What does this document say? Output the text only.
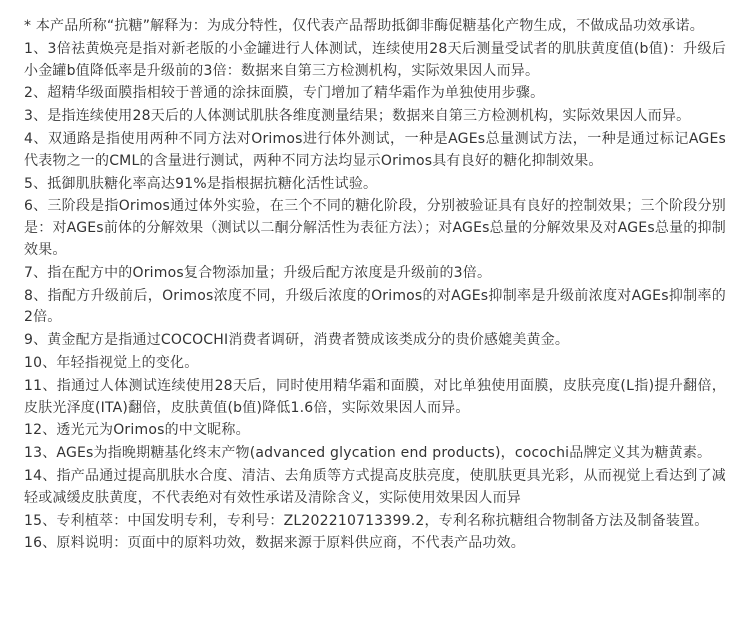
* 本产品所称“抗糖”解释为：为成分特性，仅代表产品帮助抵御非酶促糖基化产物生成，不做成品功效承诺。

1、3倍祛黄焕亮是指对新老版的小金罐进行人体测试，连续使用28天后测量受试者的肌肤黄度值(b值)：升级后小金罐b值降低率是升级前的3倍：数据来自第三方检测机构，实际效果因人而异。

2、超精华级面膜指相较于普通的涂抹面膜，专门增加了精华霜作为单独使用步骤。

3、是指连续使用28天后的人体测试肌肤各维度测量结果；数据来自第三方检测机构，实际效果因人而异。

4、双通路是指使用两种不同方法对Orimos进行体外测试，一种是AGEs总量测试方法，一种是通过标记AGEs代表物之一的CML的含量进行测试，两种不同方法均显示Orimos具有良好的糖化抑制效果。

5、抵御肌肤糖化率高达91%是指根据抗糖化活性试验。

6、三阶段是指Orimos通过体外实验，在三个不同的糖化阶段，分别被验证具有良好的控制效果；三个阶段分别是：对AGEs前体的分解效果（测试以二酮分解活性为表征方法）；对AGEs总量的分解效果及对AGEs总量的抑制效果。

7、指在配方中的Orimos复合物添加量；升级后配方浓度是升级前的3倍。

8、指配方升级前后，Orimos浓度不同，升级后浓度的Orimos的对AGEs抑制率是升级前浓度对AGEs抑制率的2倍。

9、黄金配方是指通过COCOCHI消费者调研，消费者赞成该类成分的贵价感媲美黄金。

10、年轻指视觉上的变化。

11、指通过人体测试连续使用28天后，同时使用精华霜和面膜，对比单独使用面膜，皮肤亮度(L指)提升翻倍，皮肤光泽度(ITA)翻倍，皮肤黄值(b值)降低1.6倍，实际效果因人而异。

12、透光元为Orimos的中文昵称。

13、AGEs为指晚期糖基化终末产物(advanced glycation end products)，cocochi品牌定义其为糖黄素。

14、指产品通过提高肌肤水合度、清洁、去角质等方式提高皮肤亮度，使肌肤更具光彩，从而视觉上看达到了减轻或减缓皮肤黄度，不代表绝对有效性承诺及清除含义，实际使用效果因人而异

15、专利植萃：中国发明专利，专利号：ZL202210713399.2，专利名称抗糖组合物制备方法及制备装置。

16、原料说明：页面中的原料功效，数据来源于原料供应商，不代表产品功效。
